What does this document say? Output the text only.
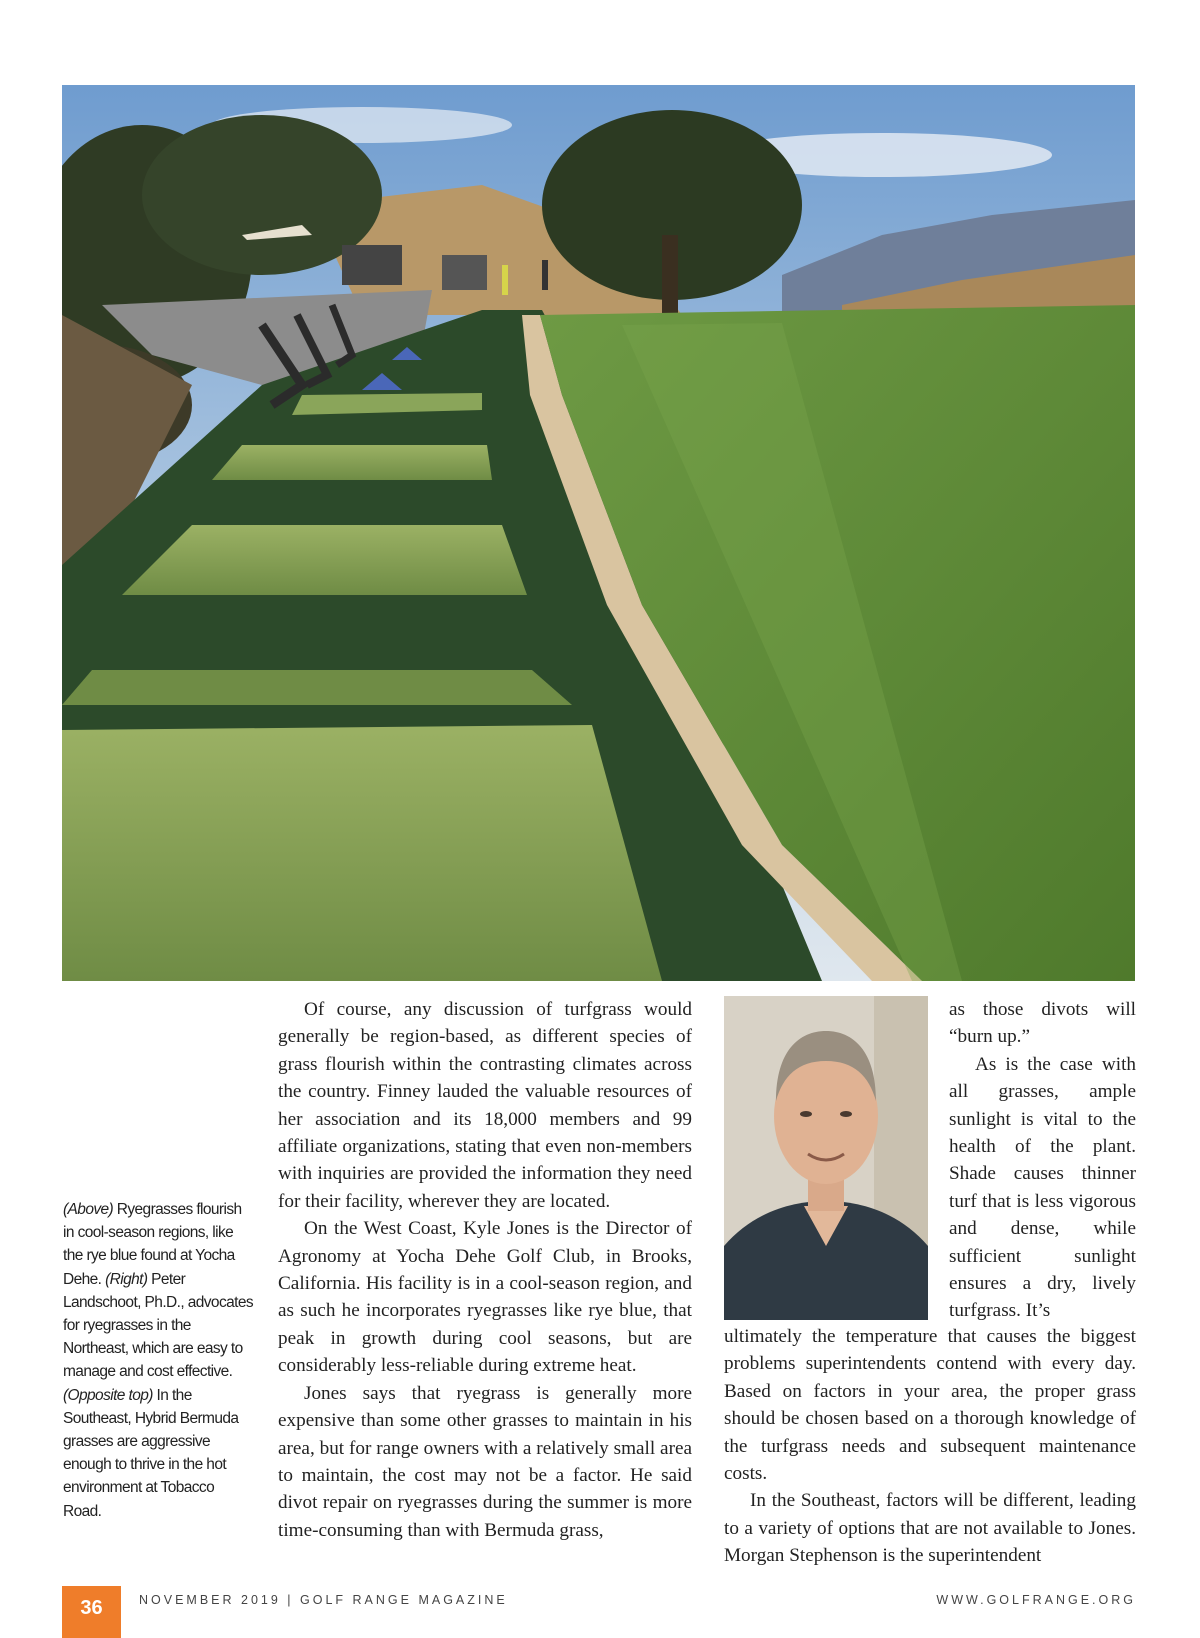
(Above) Ryegrasses flourish in cool-season regions, like the rye blue found at Yocha Dehe. (Right) Peter Landschoot, Ph.D., advocates for ryegrasses in the Northeast, which are easy to manage and cost effective. (Opposite top) In the Southeast, Hybrid Bermuda grasses are aggressive enough to thrive in the hot environment at Tobacco Road.

Of course, any discussion of turfgrass would generally be region-based, as different species of grass flourish within the contrasting climates across the country. Finney lauded the valuable resources of her association and its 18,000 members and 99 affiliate organizations, stating that even non-members with inquiries are provided the information they need for their facility, wherever they are located.

On the West Coast, Kyle Jones is the Director of Agronomy at Yocha Dehe Golf Club, in Brooks, California. His facility is in a cool-season region, and as such he incorporates ryegrasses like rye blue, that peak in growth during cool seasons, but are considerably less-reliable during extreme heat.

Jones says that ryegrass is generally more expensive than some other grasses to maintain in his area, but for range owners with a relatively small area to maintain, the cost may not be a factor. He said divot repair on ryegrasses during the summer is more time-consuming than with Bermuda grass,

as those divots will “burn up.”

As is the case with all grasses, ample sunlight is vital to the health of the plant. Shade causes thinner turf that is less vigorous and dense, while sufficient sunlight ensures a dry, lively turfgrass. It’s

ultimately the temperature that causes the biggest problems superintendents contend with every day. Based on factors in your area, the proper grass should be chosen based on a thorough knowledge of the turfgrass needs and subsequent maintenance costs.

In the Southeast, factors will be different, leading to a variety of options that are not available to Jones. Morgan Stephenson is the superintendent

36	NOVEMBER 2019 | GOLF RANGE MAGAZINE	WWW.GOLFRANGE.ORG
